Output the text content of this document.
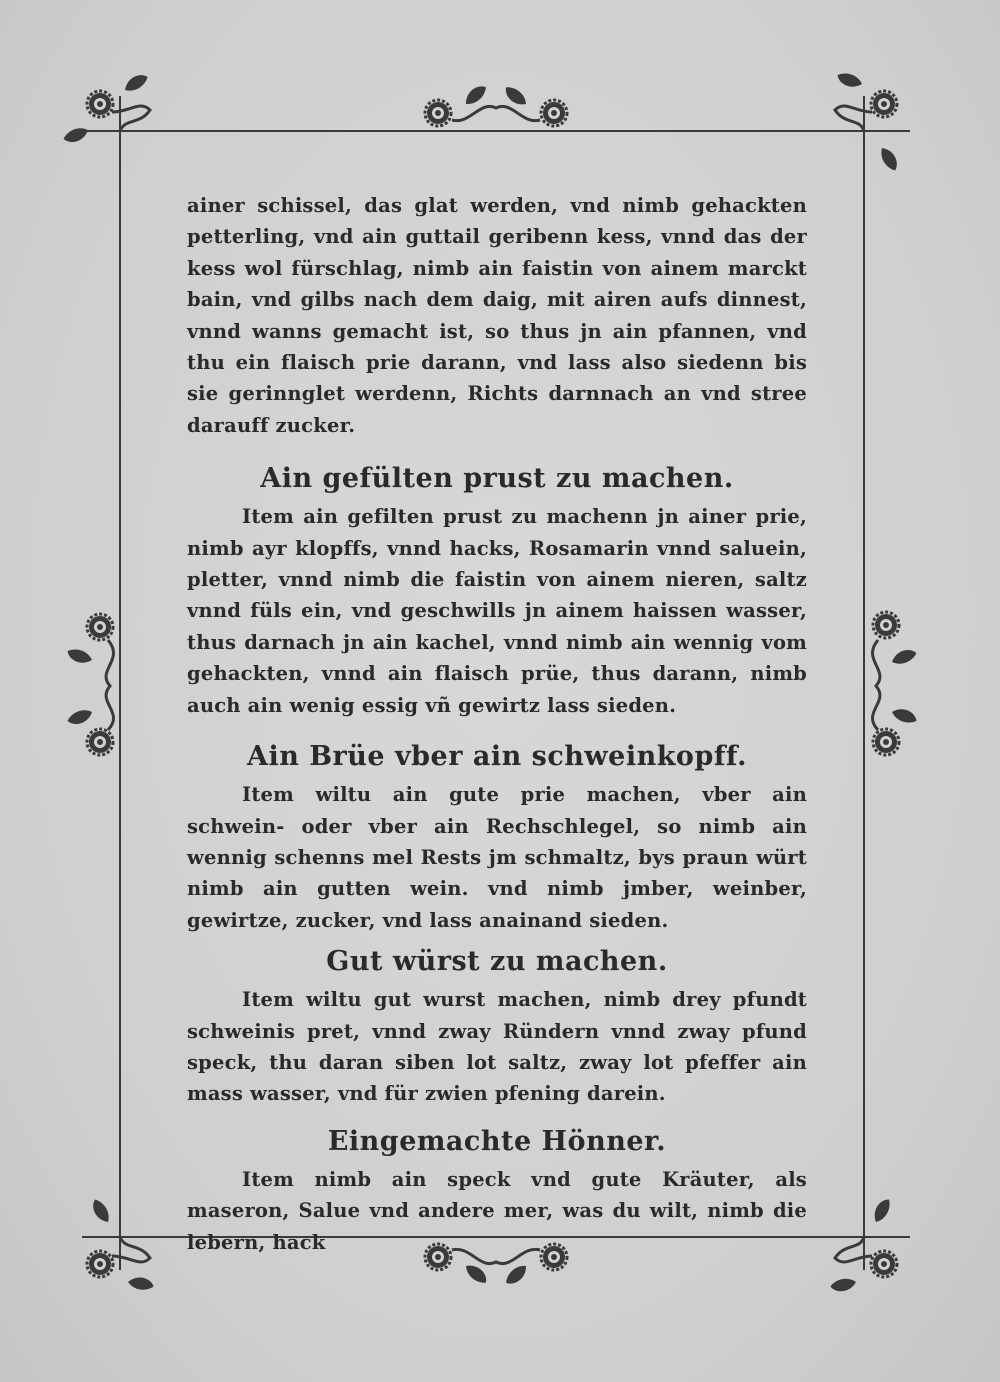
ainer schissel, das glat werden, vnd nimb gehackten petterling, vnd ain guttail geribenn kess, vnnd das der kess wol fürschlag, nimb ain faistin von ainem marckt bain, vnd gilbs nach dem daig, mit airen aufs dinnest, vnnd wanns gemacht ist, so thus jn ain pfannen, vnd thu ein flaisch prie darann, vnd lass also siedenn bis sie gerinnglet werdenn, Richts darnnach an vnd stree darauff zucker.

Ain gefülten prust zu machen.

Item ain gefilten prust zu machenn jn ainer prie, nimb ayr klopffs, vnnd hacks, Rosamarin vnnd saluein, pletter, vnnd nimb die faistin von ainem nieren, saltz vnnd füls ein, vnd geschwills jn ainem haissen wasser, thus darnach jn ain kachel, vnnd nimb ain wennig vom gehackten, vnnd ain flaisch prüe, thus darann, nimb auch ain wenig essig vñ gewirtz lass sieden.

Ain Brüe vber ain schweinkopff.

Item wiltu ain gute prie machen, vber ain schwein- oder vber ain Rechschlegel, so nimb ain wennig schenns mel Rests jm schmaltz, bys praun würt nimb ain gutten wein. vnd nimb jmber, weinber, gewirtze, zucker, vnd lass anainand sieden.

Gut würst zu machen.

Item wiltu gut wurst machen, nimb drey pfundt schweinis pret, vnnd zway Ründern vnnd zway pfund speck, thu daran siben lot saltz, zway lot pfeffer ain mass wasser, vnd für zwien pfening darein.

Eingemachte Hönner.

Item nimb ain speck vnd gute Kräuter, als maseron, Salue vnd andere mer, was du wilt, nimb die lebern, hack
